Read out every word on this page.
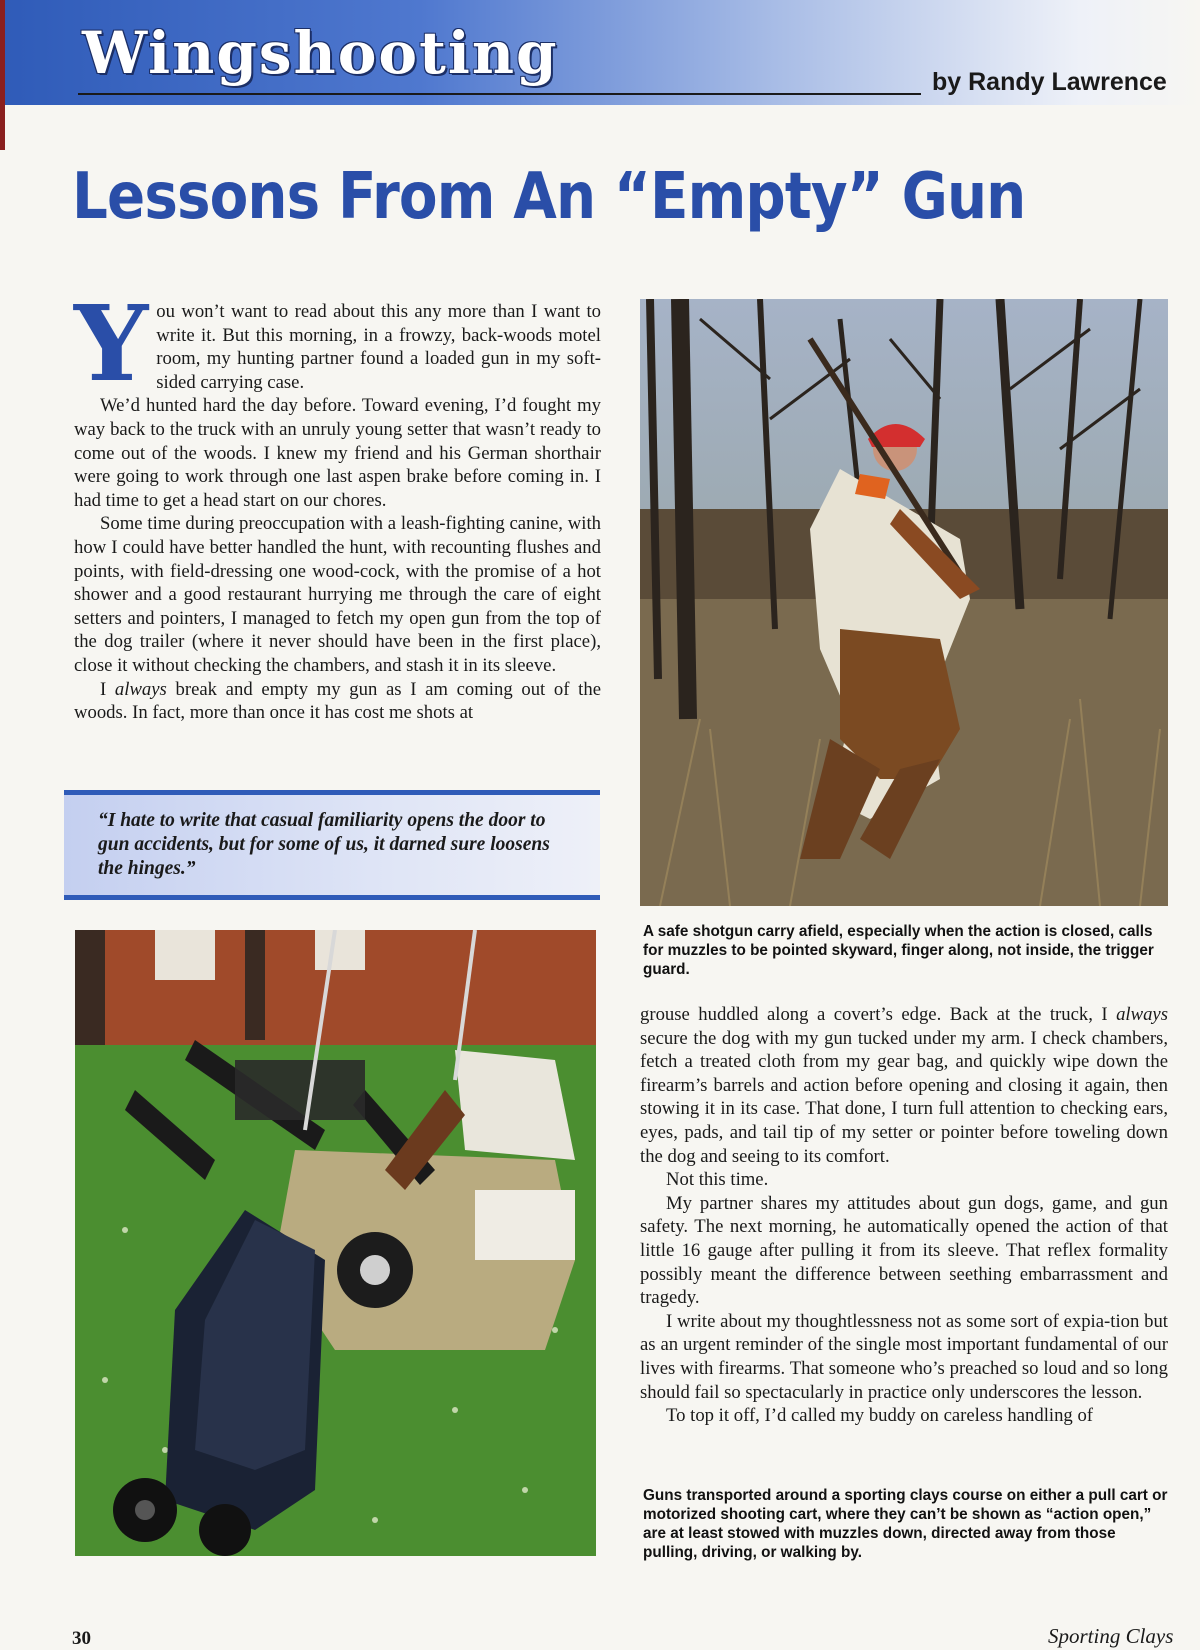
Wingshooting	by Randy Lawrence
Lessons From An “Empty” Gun

You won’t want to read about this any more than I want to write it. But this morning, in a frowzy, back-woods motel room, my hunting partner found a loaded gun in my soft-sided carrying case.

We’d hunted hard the day before. Toward evening, I’d fought my way back to the truck with an unruly young setter that wasn’t ready to come out of the woods. I knew my friend and his German shorthair were going to work through one last aspen brake before coming in. I had time to get a head start on our chores.

Some time during preoccupation with a leash-fighting canine, with how I could have better handled the hunt, with recounting flushes and points, with field-dressing one wood-cock, with the promise of a hot shower and a good restaurant hurrying me through the care of eight setters and pointers, I managed to fetch my open gun from the top of the dog trailer (where it never should have been in the first place), close it without checking the chambers, and stash it in its sleeve.

I always break and empty my gun as I am coming out of the woods. In fact, more than once it has cost me shots at

“I hate to write that casual familiarity opens the door to gun accidents, but for some of us, it darned sure loosens the hinges.”
A safe shotgun carry afield, especially when the action is closed, calls for muzzles to be pointed skyward, finger along, not inside, the trigger guard.

grouse huddled along a covert’s edge. Back at the truck, I always secure the dog with my gun tucked under my arm. I check chambers, fetch a treated cloth from my gear bag, and quickly wipe down the firearm’s barrels and action before opening and closing it again, then stowing it in its case. That done, I turn full attention to checking ears, eyes, pads, and tail tip of my setter or pointer before toweling down the dog and seeing to its comfort.

Not this time.

My partner shares my attitudes about gun dogs, game, and gun safety. The next morning, he automatically opened the action of that little 16 gauge after pulling it from its sleeve. That reflex formality possibly meant the difference between seething embarrassment and tragedy.

I write about my thoughtlessness not as some sort of expia-tion but as an urgent reminder of the single most important fundamental of our lives with firearms. That someone who’s preached so loud and so long should fail so spectacularly in practice only underscores the lesson.

To top it off, I’d called my buddy on careless handling of

Guns transported around a sporting clays course on either a pull cart or motorized shooting cart, where they can’t be shown as “action open,” are at least stowed with muzzles down, directed away from those pulling, driving, or walking by.
30	Sporting Clays
